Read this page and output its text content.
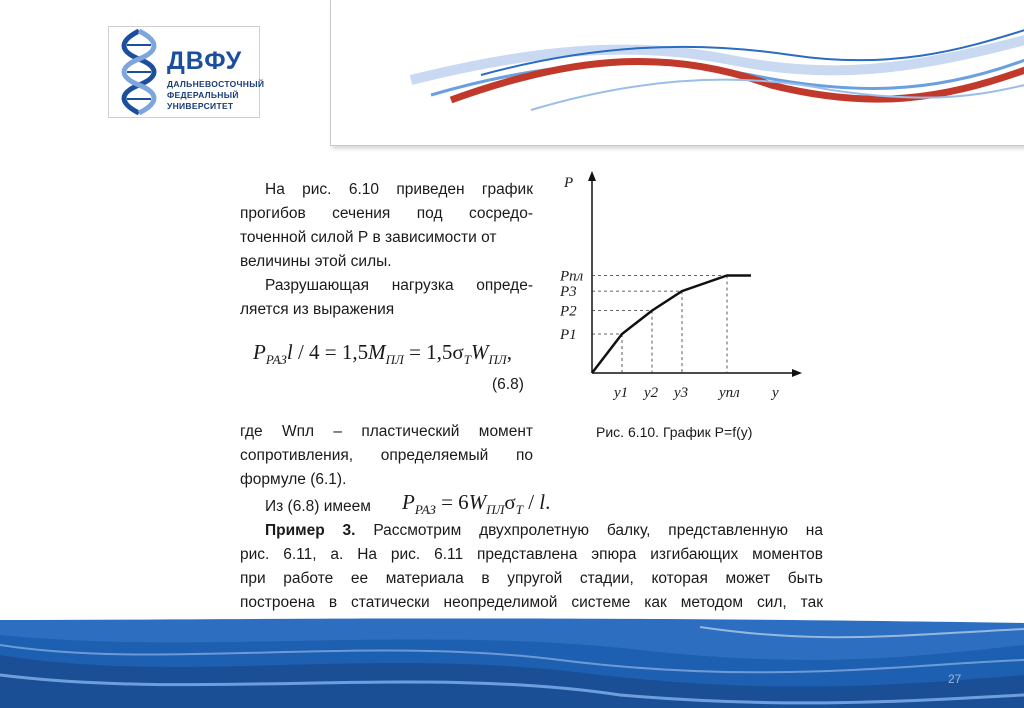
ДВФУ
ДАЛЬНЕВОСТОЧНЫЙ
ФЕДЕРАЛЬНЫЙ
УНИВЕРСИТЕТ
На рис. 6.10 приведен график
прогибов сечения под сосредо-
точенной силой Р в зависимости от
величины этой силы.
Разрушающая нагрузка опреде-
ляется из выражения
$P_{РАЗ}l / 4 = 1,5M_{ПЛ} = 1,5\sigma_TW_{ПЛ}$,
(6.8)
где Wпл – пластический момент
сопротивления, определяемый по
формуле (6.1).
Из (6.8) имеем $P_{РАЗ} = 6W_{ПЛ}\sigma_T / l$.
Пример 3. Рассмотрим двухпролетную балку, представленную на
рис. 6.11, а. На рис. 6.11 представлена эпюра изгибающих моментов
при работе ее материала в упругой стадии, которая может быть
построена в статически неопределимой системе как методом сил, так
P1
P2
P3
Pпл
P
y1 y2 y3 yпл y
Рис. 6.10. График P=f(y)
27
